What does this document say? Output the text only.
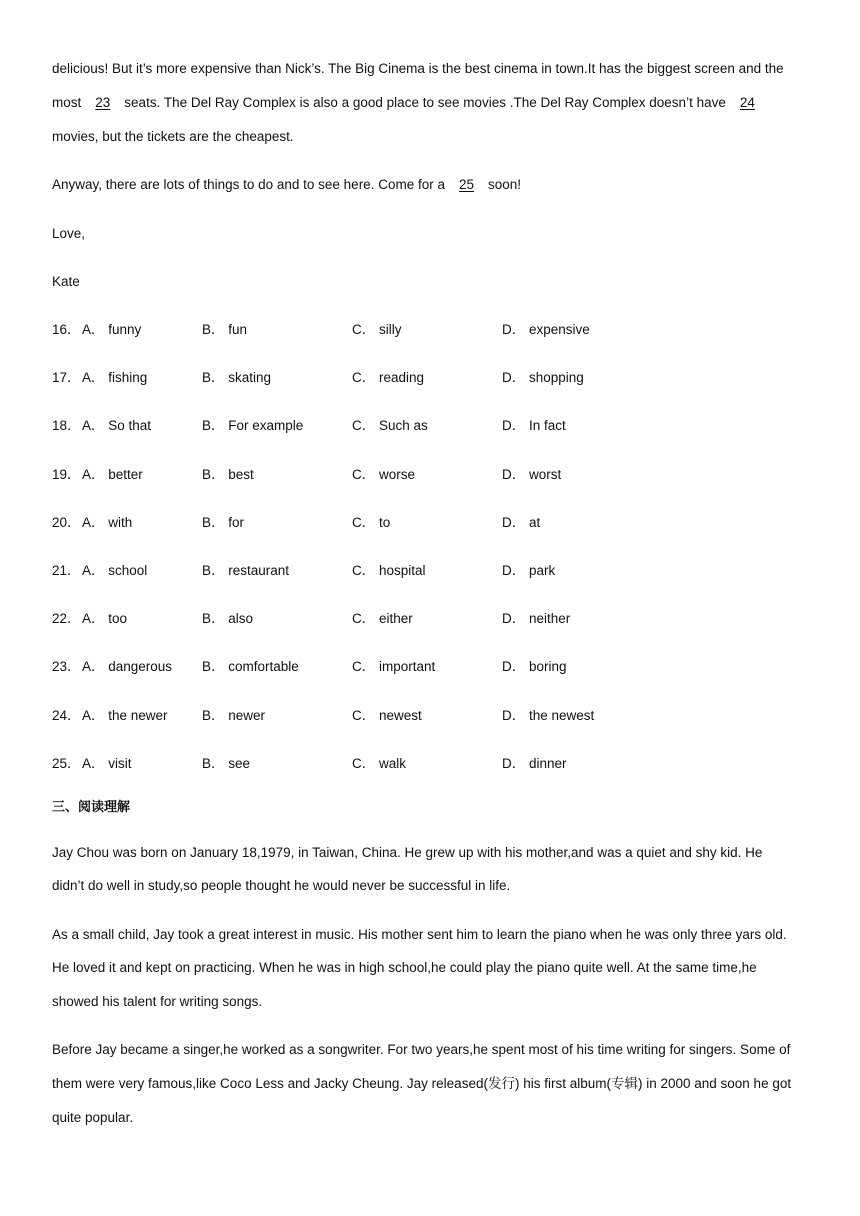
delicious! But it’s more expensive than Nick’s. The Big Cinema is the best cinema in town.It has the biggest screen and the
most 23 seats. The Del Ray Complex is also a good place to see movies .The Del Ray Complex doesn’t have 24
movies, but the tickets are the cheapest.
Anyway, there are lots of things to do and to see here. Come for a 25 soon!
Love,
Kate
16． A． funny	B． fun	C． silly	D． expensive
17． A． fishing	B． skating	C． reading	D． shopping
18． A． So that	B． For example	C． Such as	D． In fact
19． A． better	B． best	C． worse	D． worst
20． A． with	B． for	C． to	D． at
21． A． school	B． restaurant	C． hospital	D． park
22． A． too	B． also	C． either	D． neither
23． A． dangerous B． comfortable	C． important	D． boring
24． A． the newer	B． newer	C． newest	D． the newest
25． A． visit	B． see	C． walk	D． dinner
三、阅读理解
Jay Chou was born on January 18,1979, in Taiwan, China. He grew up with his mother,and was a quiet and shy kid. He
didn’t do well in study,so people thought he would never be successful in life.
As a small child, Jay took a great interest in music. His mother sent him to learn the piano when he was only three yars old.
He loved it and kept on practicing. When he was in high school,he could play the piano quite well. At the same time,he
showed his talent for writing songs.
Before Jay became a singer,he worked as a songwriter. For two years,he spent most of his time writing for singers. Some of
them were very famous,like Coco Less and Jacky Cheung. Jay released(发行) his first album(专辑) in 2000 and soon he got
quite popular.
